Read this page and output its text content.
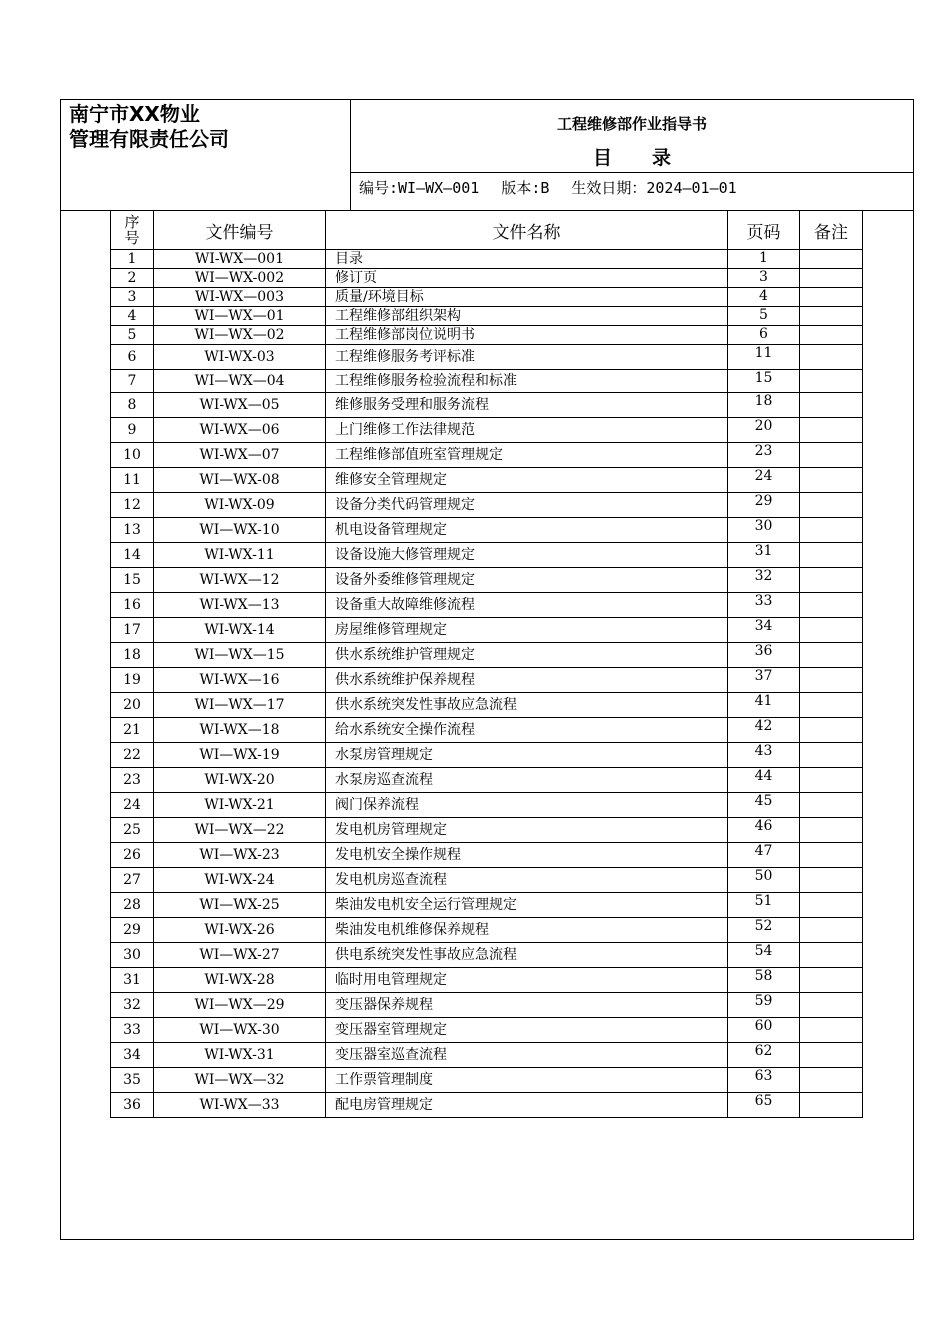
南宁市XX物业
管理有限责任公司
工程维修部作业指导书
目录
编号:WI—WX—001 版本:B 生效日期：2024—01—01
序号	文件编号	文件名称	页码	备注
1	WI-WX—001	目录	1	
2	WI—WX-002	修订页	3	
3	WI-WX—003	质量/环境目标	4	
4	WI—WX—01	工程维修部组织架构	5	
5	WI—WX—02	工程维修部岗位说明书	6	
6	WI-WX-03	工程维修服务考评标准	11	
7	WI—WX—04	工程维修服务检验流程和标准	15	
8	WI-WX—05	维修服务受理和服务流程	18	
9	WI-WX—06	上门维修工作法律规范	20	
10	WI-WX—07	工程维修部值班室管理规定	23	
11	WI—WX-08	维修安全管理规定	24	
12	WI-WX-09	设备分类代码管理规定	29	
13	WI—WX-10	机电设备管理规定	30	
14	WI-WX-11	设备设施大修管理规定	31	
15	WI-WX—12	设备外委维修管理规定	32	
16	WI-WX—13	设备重大故障维修流程	33	
17	WI-WX-14	房屋维修管理规定	34	
18	WI—WX—15	供水系统维护管理规定	36	
19	WI-WX—16	供水系统维护保养规程	37	
20	WI—WX—17	供水系统突发性事故应急流程	41	
21	WI-WX—18	给水系统安全操作流程	42	
22	WI—WX-19	水泵房管理规定	43	
23	WI-WX-20	水泵房巡查流程	44	
24	WI-WX-21	阀门保养流程	45	
25	WI—WX—22	发电机房管理规定	46	
26	WI—WX-23	发电机安全操作规程	47	
27	WI-WX-24	发电机房巡查流程	50	
28	WI—WX-25	柴油发电机安全运行管理规定	51	
29	WI-WX-26	柴油发电机维修保养规程	52	
30	WI—WX-27	供电系统突发性事故应急流程	54	
31	WI-WX-28	临时用电管理规定	58	
32	WI—WX—29	变压器保养规程	59	
33	WI—WX-30	变压器室管理规定	60	
34	WI-WX-31	变压器室巡查流程	62	
35	WI—WX—32	工作票管理制度	63	
36	WI-WX—33	配电房管理规定	65	
